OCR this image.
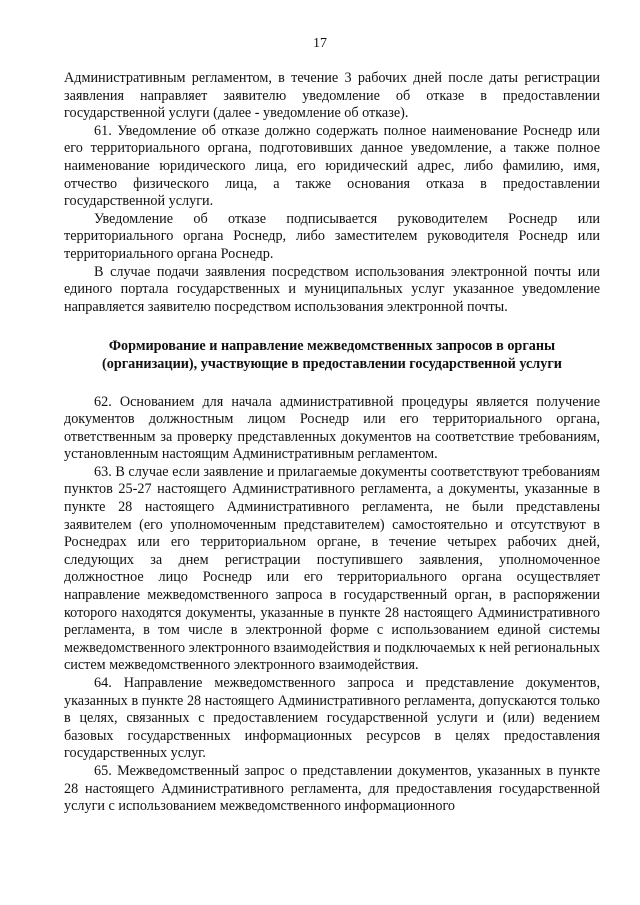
17

Административным регламентом, в течение 3 рабочих дней после даты регистрации заявления направляет заявителю уведомление об отказе в предоставлении государственной услуги (далее - уведомление об отказе).

61. Уведомление об отказе должно содержать полное наименование Роснедр или его территориального органа, подготовивших данное уведомление, а также полное наименование юридического лица, его юридический адрес, либо фамилию, имя, отчество физического лица, а также основания отказа в предоставлении государственной услуги.

Уведомление об отказе подписывается руководителем Роснедр или территориального органа Роснедр, либо заместителем руководителя Роснедр или территориального органа Роснедр.

В случае подачи заявления посредством использования электронной почты или единого портала государственных и муниципальных услуг указанное уведомление направляется заявителю посредством использования электронной почты.

Формирование и направление межведомственных запросов в органы (организации), участвующие в предоставлении государственной услуги

62. Основанием для начала административной процедуры является получение документов должностным лицом Роснедр или его территориального органа, ответственным за проверку представленных документов на соответствие требованиям, установленным настоящим Административным регламентом.

63. В случае если заявление и прилагаемые документы соответствуют требованиям пунктов 25-27 настоящего Административного регламента, а документы, указанные в пункте 28 настоящего Административного регламента, не были представлены заявителем (его уполномоченным представителем) самостоятельно и отсутствуют в Роснедрах или его территориальном органе, в течение четырех рабочих дней, следующих за днем регистрации поступившего заявления, уполномоченное должностное лицо Роснедр или его территориального органа осуществляет направление межведомственного запроса в государственный орган, в распоряжении которого находятся документы, указанные в пункте 28 настоящего Административного регламента, в том числе в электронной форме с использованием единой системы межведомственного электронного взаимодействия и подключаемых к ней региональных систем межведомственного электронного взаимодействия.

64. Направление межведомственного запроса и представление документов, указанных в пункте 28 настоящего Административного регламента, допускаются только в целях, связанных с предоставлением государственной услуги и (или) ведением базовых государственных информационных ресурсов в целях предоставления государственных услуг.

65. Межведомственный запрос о представлении документов, указанных в пункте 28 настоящего Административного регламента, для предоставления государственной услуги с использованием межведомственного информационного
